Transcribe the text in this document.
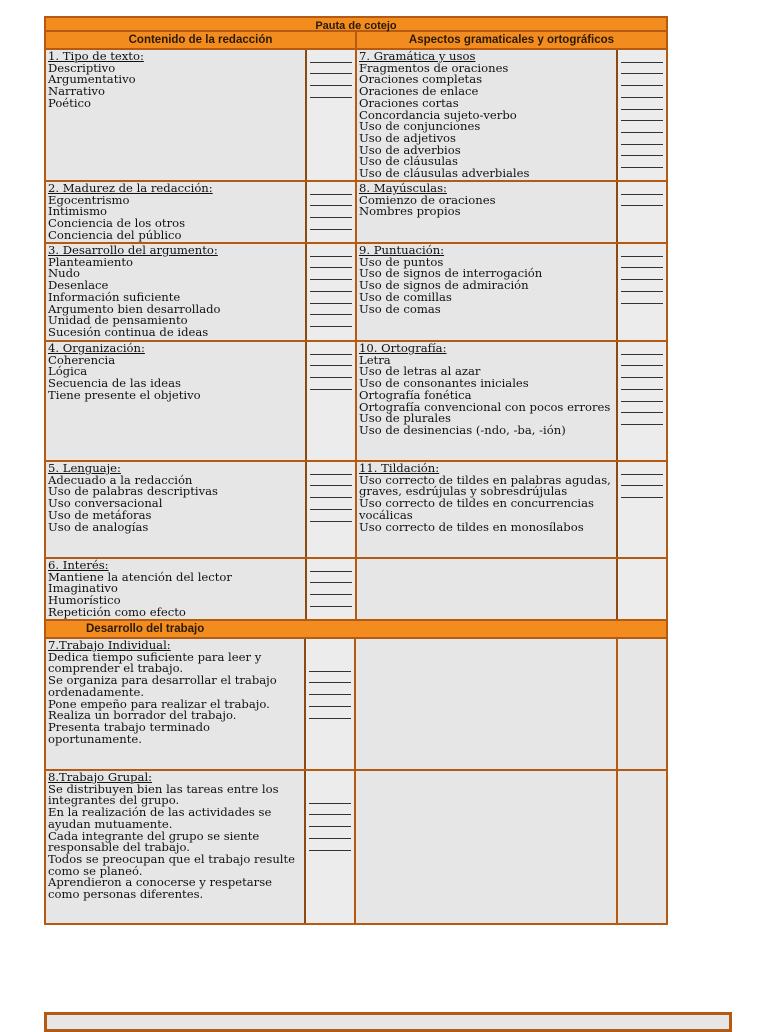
Pauta de cotejo
Contenido de la redacción	Aspectos gramaticales y ortográficos
1. Tipo de texto:
Descriptivo
Argumentativo
Narrativo
Poético
7. Gramática y usos
Fragmentos de oraciones
Oraciones completas
Oraciones de enlace
Oraciones cortas
Concordancia sujeto-verbo
Uso de conjunciones
Uso de adjetivos
Uso de adverbios
Uso de cláusulas
Uso de cláusulas adverbiales
2. Madurez de la redacción:
Egocentrismo
Intimismo
Conciencia de los otros
Conciencia del público
8. Mayúsculas:
Comienzo de oraciones
Nombres propios
3. Desarrollo del argumento:
Planteamiento
Nudo
Desenlace
Información suficiente
Argumento bien desarrollado
Unidad de pensamiento
Sucesión continua de ideas
9. Puntuación:
Uso de puntos
Uso de signos de interrogación
Uso de signos de admiración
Uso de comillas
Uso de comas
4. Organización:
Coherencia
Lógica
Secuencia de las ideas
Tiene presente el objetivo
10. Ortografía:
Letra
Uso de letras al azar
Uso de consonantes iniciales
Ortografía fonética
Ortografía convencional con pocos errores
Uso de plurales
Uso de desinencias (-ndo, -ba, -ión)
5. Lenguaje:
Adecuado a la redacción
Uso de palabras descriptivas
Uso conversacional
Uso de metáforas
Uso de analogías
11. Tildación:
Uso correcto de tildes en palabras agudas, graves, esdrújulas y sobresdrújulas
Uso correcto de tildes en concurrencias vocálicas
Uso correcto de tildes en monosílabos
6. Interés:
Mantiene la atención del lector
Imaginativo
Humorístico
Repetición como efecto
Desarrollo del trabajo
7.Trabajo Individual:
Dedica tiempo suficiente para leer y comprender el trabajo.
Se organiza para desarrollar el trabajo ordenadamente.
Pone empeño para realizar el trabajo.
Realiza un borrador del trabajo.
Presenta trabajo terminado oportunamente.
8.Trabajo Grupal:
Se distribuyen bien las tareas entre los integrantes del grupo.
En la realización de las actividades se ayudan mutuamente.
Cada integrante del grupo se siente responsable del trabajo.
Todos se preocupan que el trabajo resulte como se planeó.
Aprendieron a conocerse y respetarse como personas diferentes.
